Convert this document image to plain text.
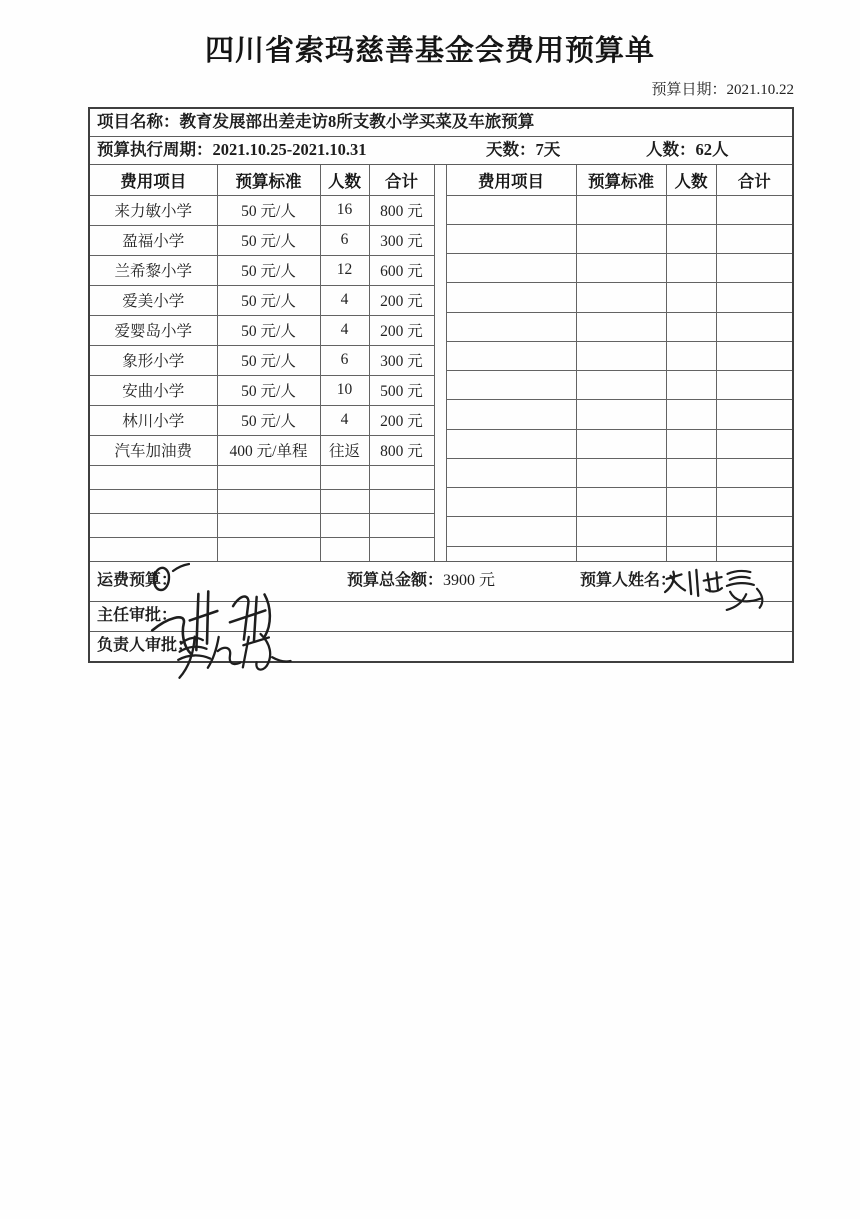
四川省索玛慈善基金会费用预算单
预算日期：2021.10.22
项目名称：教育发展部出差走访8所支教小学买菜及车旅预算
预算执行周期：2021.10.25-2021.10.31	天数：7天	人数：62人
费用项目	预算标准	人数	合计
来力敏小学	50 元/人	16	800 元
盈福小学	50 元/人	6	300 元
兰希黎小学	50 元/人	12	600 元
爱美小学	50 元/人	4	200 元
爱婴岛小学	50 元/人	4	200 元
象形小学	50 元/人	6	300 元
安曲小学	50 元/人	10	500 元
林川小学	50 元/人	4	200 元
汽车加油费	400 元/单程	往返	800 元

费用项目	预算标准	人数	合计

运费预算：	预算总金额：3900 元	预算人姓名：
主任审批：
负责人审批：
